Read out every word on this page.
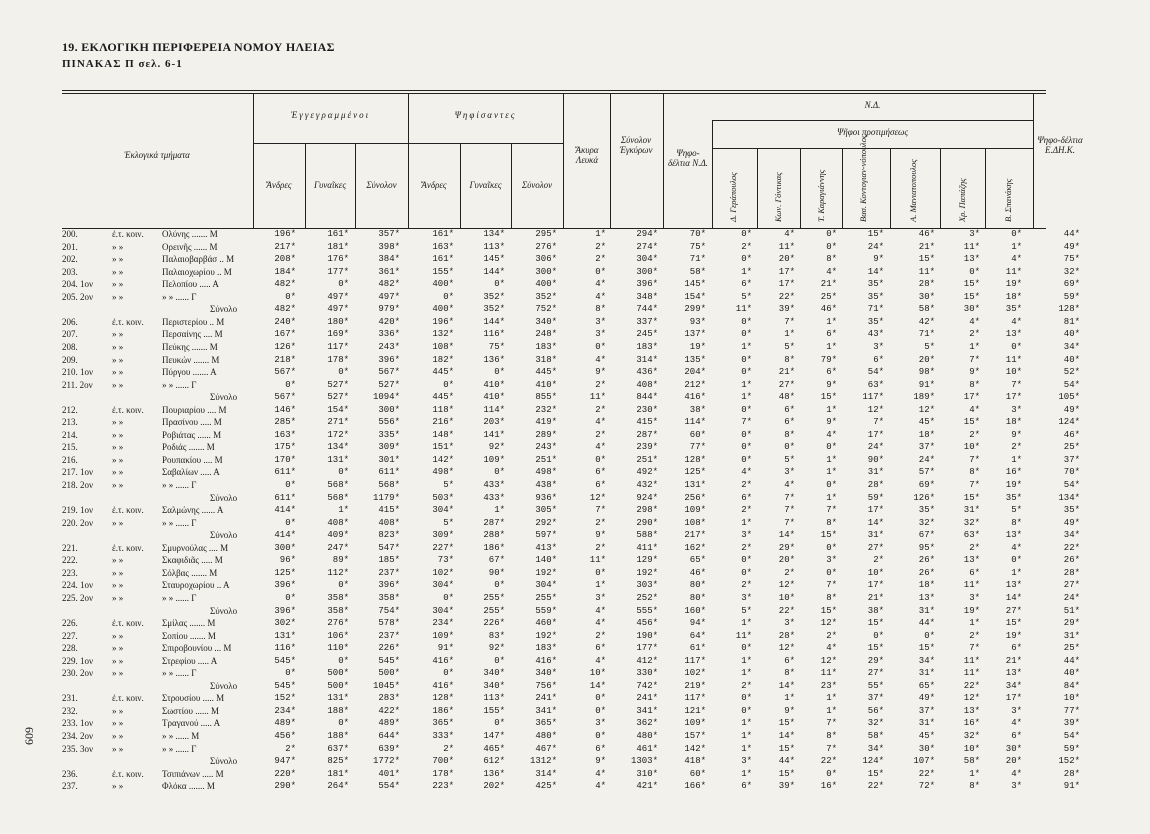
19. ΕΚΛΟΓΙΚΗ ΠΕΡΙΦΕΡΕΙΑ ΝΟΜΟΥ ΗΛΕΙΑΣ
ΠΙΝΑΚΑΣ Π σελ. 6-1
609
Ἐκλογικά τμήματα
Ἐγγεγραμμένοι	Ψηφίσαντες
Ἄνδρες	Γυναῖκες	Σύνολον	Ἄνδρες	Γυναῖκες	Σύνολον
Ἄκυρα Λευκά
Σύνολον Ἐγκύρων
Ν.Δ.
Ψηφο-δέλτια Ν.Δ.
Ψῆφοι προτιμήσεως
Ψηφο-δέλτια Ε.ΔΗ.Κ.
Δ. Γεράπουλος	Κων. Γόντικας	Τ. Καραγιάννης	Βασ. Κοντογιαν-νόπουλος	Α. Μανιατοπουλος	Χρ. Παπάζης	Β. Σπανάκης
200.	ἐ.τ. κοιν.	Ολύνης ....... Μ	196*	161*	357*	161*	134*	295*	1*	294*	70*	0*	4*	0*	15*	46*	3*	0*	44*
201.	» »	Ορεινῆς ...... Μ	217*	181*	398*	163*	113*	276*	2*	274*	75*	2*	11*	0*	24*	21*	11*	1*	49*
202.	» »	Παλαιοβαρβάσ .. Μ	208*	176*	384*	161*	145*	306*	2*	304*	71*	0*	20*	8*	9*	15*	13*	4*	75*
203.	» »	Παλαιοχωρίου .. Μ	184*	177*	361*	155*	144*	300*	0*	300*	58*	1*	17*	4*	14*	11*	0*	11*	32*
204. 1ον	» »	Πελοπίου ..... Α	482*	0*	482*	400*	0*	400*	4*	396*	145*	6*	17*	21*	35*	28*	15*	19*	69*
205. 2ον	» »	» » ...... Γ	0*	497*	497*	0*	352*	352*	4*	348*	154*	5*	22*	25*	35*	30*	15*	18*	59*
Σύνολο	482*	497*	979*	400*	352*	752*	8*	744*	299*	11*	39*	46*	71*	58*	30*	35*	128*
206.	ἐ.τ. κοιν.	Περιστερίου .. Μ	240*	180*	420*	196*	144*	340*	3*	337*	93*	0*	7*	1*	35*	42*	4*	4*	81*
207.	» »	Περσαίνης .... Μ	167*	169*	336*	132*	116*	248*	3*	245*	137*	0*	1*	6*	43*	71*	2*	13*	40*
208.	» »	Πεύκης ....... Μ	126*	117*	243*	108*	75*	183*	0*	183*	19*	1*	5*	1*	3*	5*	1*	0*	34*
209.	» »	Πευκών ....... Μ	218*	178*	396*	182*	136*	318*	4*	314*	135*	0*	8*	79*	6*	20*	7*	11*	40*
210. 1ον	» »	Πύργου ....... Α	567*	0*	567*	445*	0*	445*	9*	436*	204*	0*	21*	6*	54*	98*	9*	10*	52*
211. 2ον	» »	» » ...... Γ	0*	527*	527*	0*	410*	410*	2*	408*	212*	1*	27*	9*	63*	91*	8*	7*	54*
Σύνολο	567*	527*	1094*	445*	410*	855*	11*	844*	416*	1*	48*	15*	117*	189*	17*	17*	105*
212.	ἐ.τ. κοιν.	Πουριαρίου .... Μ	146*	154*	300*	118*	114*	232*	2*	230*	38*	0*	6*	1*	12*	12*	4*	3*	49*
213.	» »	Πρασίνου ..... Μ	285*	271*	556*	216*	203*	419*	4*	415*	114*	7*	6*	9*	7*	45*	15*	18*	124*
214.	» »	Ροβιάτας ...... Μ	163*	172*	335*	148*	141*	289*	2*	287*	60*	0*	8*	4*	17*	18*	2*	9*	46*
215.	» »	Ροδιάς ....... Μ	175*	134*	309*	151*	92*	243*	4*	239*	77*	0*	0*	0*	24*	37*	10*	2*	25*
216.	» »	Ρουπακίου .... Μ	170*	131*	301*	142*	109*	251*	0*	251*	128*	0*	5*	1*	90*	24*	7*	1*	37*
217. 1ον	» »	Σαβαλίων ..... Α	611*	0*	611*	498*	0*	498*	6*	492*	125*	4*	3*	1*	31*	57*	8*	16*	70*
218. 2ον	» »	» » ...... Γ	0*	568*	568*	5*	433*	438*	6*	432*	131*	2*	4*	0*	28*	69*	7*	19*	54*
Σύνολο	611*	568*	1179*	503*	433*	936*	12*	924*	256*	6*	7*	1*	59*	126*	15*	35*	134*
219. 1ον	ἐ.τ. κοιν.	Σαλμώνης ...... Α	414*	1*	415*	304*	1*	305*	7*	298*	109*	2*	7*	7*	17*	35*	31*	5*	35*
220. 2ον	» »	» » ...... Γ	0*	408*	408*	5*	287*	292*	2*	290*	108*	1*	7*	8*	14*	32*	32*	8*	49*
Σύνολο	414*	409*	823*	309*	288*	597*	9*	588*	217*	3*	14*	15*	31*	67*	63*	13*	34*
221.	ἐ.τ. κοιν.	Σμυρνούλας .... Μ	300*	247*	547*	227*	186*	413*	2*	411*	162*	2*	29*	0*	27*	95*	2*	4*	22*
222.	» »	Σκαφιδιᾶς ..... Μ	96*	89*	185*	73*	67*	140*	11*	129*	65*	0*	20*	3*	2*	26*	13*	0*	26*
223.	» »	Σόλβας ....... Μ	125*	112*	237*	102*	90*	192*	0*	192*	46*	0*	2*	0*	10*	26*	6*	1*	28*
224. 1ον	» »	Σταυροχωρίου .. Α	396*	0*	396*	304*	0*	304*	1*	303*	80*	2*	12*	7*	17*	18*	11*	13*	27*
225. 2ον	» »	» » ...... Γ	0*	358*	358*	0*	255*	255*	3*	252*	80*	3*	10*	8*	21*	13*	3*	14*	24*
Σύνολο	396*	358*	754*	304*	255*	559*	4*	555*	160*	5*	22*	15*	38*	31*	19*	27*	51*
226.	ἐ.τ. κοιν.	Σμίλας ....... Μ	302*	276*	578*	234*	226*	460*	4*	456*	94*	1*	3*	12*	15*	44*	1*	15*	29*
227.	» »	Σοπίου ....... Μ	131*	106*	237*	109*	83*	192*	2*	190*	64*	11*	28*	2*	0*	0*	2*	19*	31*
228.	» »	Σπιροβουνίου ... Μ	116*	110*	226*	91*	92*	183*	6*	177*	61*	0*	12*	4*	15*	15*	7*	6*	25*
229. 1ον	» »	Στρεφίου ..... Α	545*	0*	545*	416*	0*	416*	4*	412*	117*	1*	6*	12*	29*	34*	11*	21*	44*
230. 2ον	» »	» » ...... Γ	0*	500*	500*	0*	340*	340*	10*	330*	102*	1*	8*	11*	27*	31*	11*	13*	40*
Σύνολο	545*	500*	1045*	416*	340*	756*	14*	742*	219*	2*	14*	23*	55*	65*	22*	34*	84*
231.	ἐ.τ. κοιν.	Στρουσίου ..... Μ	152*	131*	283*	128*	113*	241*	0*	241*	117*	0*	1*	1*	37*	49*	12*	17*	10*
232.	» »	Σωστίου ...... Μ	234*	188*	422*	186*	155*	341*	0*	341*	121*	0*	9*	1*	56*	37*	13*	3*	77*
233. 1ον	» »	Τραγανού ..... Α	489*	0*	489*	365*	0*	365*	3*	362*	109*	1*	15*	7*	32*	31*	16*	4*	39*
234. 2ον	» »	» » ...... Μ	456*	188*	644*	333*	147*	480*	0*	480*	157*	1*	14*	8*	58*	45*	32*	6*	54*
235. 3ον	» »	» » ...... Γ	2*	637*	639*	2*	465*	467*	6*	461*	142*	1*	15*	7*	34*	30*	10*	30*	59*
Σύνολο	947*	825*	1772*	700*	612*	1312*	9*	1303*	418*	3*	44*	22*	124*	107*	58*	20*	152*
236.	ἐ.τ. κοιν.	Τσιπιάνων ..... Μ	220*	181*	401*	178*	136*	314*	4*	310*	60*	1*	15*	0*	15*	22*	1*	4*	28*
237.	» »	Φλόκα ....... Μ	290*	264*	554*	223*	202*	425*	4*	421*	166*	6*	39*	16*	22*	72*	8*	3*	91*
